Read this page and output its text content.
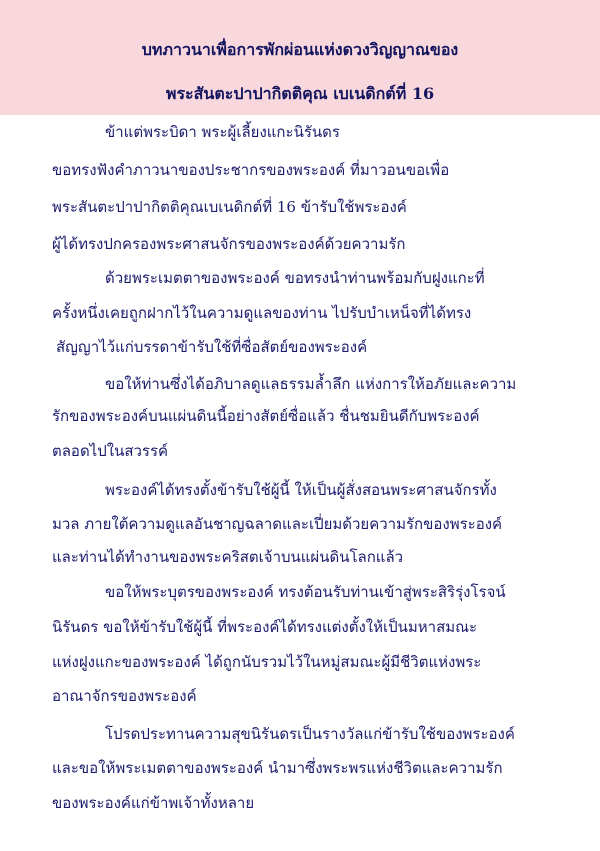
บทภาวนาเพื่อการพักผ่อนแห่งดวงวิญญาณของ
พระสันตะปาปากิตติคุณ เบเนดิกต์ที่ 16
ข้าแต่พระบิดา พระผู้เลี้ยงแกะนิรันดร
ขอทรงฟังคำภาวนาของประชากรของพระองค์ ที่มาวอนขอเพื่อ
พระสันตะปาปากิตติคุณเบเนดิกต์ที่ 16 ข้ารับใช้พระองค์
ผู้ได้ทรงปกครองพระศาสนจักรของพระองค์ด้วยความรัก
ด้วยพระเมตตาของพระองค์ ขอทรงนำท่านพร้อมกับฝูงแกะที่
ครั้งหนึ่งเคยถูกฝากไว้ในความดูแลของท่าน ไปรับบำเหน็จที่ได้ทรง
สัญญาไว้แก่บรรดาข้ารับใช้ที่ซื่อสัตย์ของพระองค์
ขอให้ท่านซึ่งได้อภิบาลดูแลธรรมล้ำลึก แห่งการให้อภัยและความ
รักของพระองค์บนแผ่นดินนี้อย่างสัตย์ซื่อแล้ว ชื่นชมยินดีกับพระองค์
ตลอดไปในสวรรค์
พระองค์ได้ทรงตั้งข้ารับใช้ผู้นี้ ให้เป็นผู้สั่งสอนพระศาสนจักรทั้ง
มวล ภายใต้ความดูแลอันชาญฉลาดและเปี่ยมด้วยความรักของพระองค์
และท่านได้ทำงานของพระคริสตเจ้าบนแผ่นดินโลกแล้ว
ขอให้พระบุตรของพระองค์ ทรงต้อนรับท่านเข้าสู่พระสิริรุ่งโรจน์
นิรันดร ขอให้ข้ารับใช้ผู้นี้ ที่พระองค์ได้ทรงแต่งตั้งให้เป็นมหาสมณะ
แห่งฝูงแกะของพระองค์ ได้ถูกนับรวมไว้ในหมู่สมณะผู้มีชีวิตแห่งพระ
อาณาจักรของพระองค์
โปรดประทานความสุขนิรันดรเป็นรางวัลแก่ข้ารับใช้ของพระองค์
และขอให้พระเมตตาของพระองค์ นำมาซึ่งพระพรแห่งชีวิตและความรัก
ของพระองค์แก่ข้าพเจ้าทั้งหลาย
